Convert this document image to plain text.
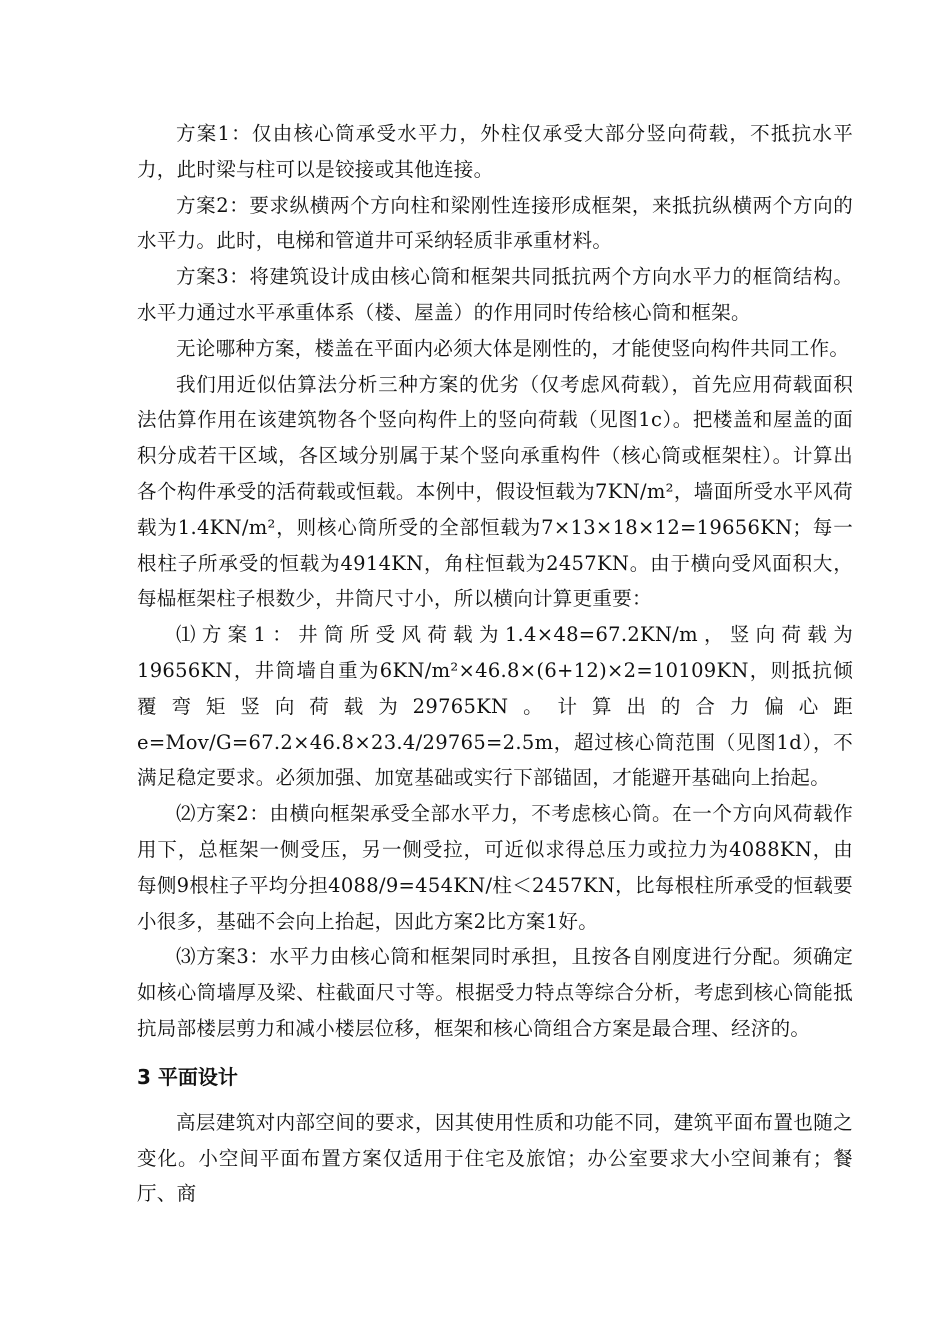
方案1：仅由核心筒承受水平力，外柱仅承受大部分竖向荷载，不抵抗水平力，此时梁与柱可以是铰接或其他连接。

方案2：要求纵横两个方向柱和梁刚性连接形成框架，来抵抗纵横两个方向的水平力。此时，电梯和管道井可采纳轻质非承重材料。

方案3：将建筑设计成由核心筒和框架共同抵抗两个方向水平力的框筒结构。水平力通过水平承重体系（楼、屋盖）的作用同时传给核心筒和框架。

无论哪种方案，楼盖在平面内必须大体是刚性的，才能使竖向构件共同工作。

我们用近似估算法分析三种方案的优劣（仅考虑风荷载），首先应用荷载面积法估算作用在该建筑物各个竖向构件上的竖向荷载（见图1c）。把楼盖和屋盖的面积分成若干区域，各区域分别属于某个竖向承重构件（核心筒或框架柱）。计算出各个构件承受的活荷载或恒载。本例中，假设恒载为7KN/m²，墙面所受水平风荷载为1.4KN/m²，则核心筒所受的全部恒载为7×13×18×12=19656KN；每一根柱子所承受的恒载为4914KN，角柱恒载为2457KN。由于横向受风面积大，每榀框架柱子根数少，井筒尺寸小，所以横向计算更重要：

⑴方案1：井筒所受风荷载为1.4×48=67.2KN/m，竖向荷载为19656KN，井筒墙自重为6KN/m²×46.8×(6+12)×2=10109KN，则抵抗倾覆弯矩竖向荷载为29765KN。计算出的合力偏心距e=Mov/G=67.2×46.8×23.4/29765=2.5m，超过核心筒范围（见图1d），不满足稳定要求。必须加强、加宽基础或实行下部锚固，才能避开基础向上抬起。

⑵方案2：由横向框架承受全部水平力，不考虑核心筒。在一个方向风荷载作用下，总框架一侧受压，另一侧受拉，可近似求得总压力或拉力为4088KN，由每侧9根柱子平均分担4088/9=454KN/柱＜2457KN，比每根柱所承受的恒载要小很多，基础不会向上抬起，因此方案2比方案1好。

⑶方案3：水平力由核心筒和框架同时承担，且按各自刚度进行分配。须确定如核心筒墙厚及梁、柱截面尺寸等。根据受力特点等综合分析，考虑到核心筒能抵抗局部楼层剪力和减小楼层位移，框架和核心筒组合方案是最合理、经济的。

3 平面设计

高层建筑对内部空间的要求，因其使用性质和功能不同，建筑平面布置也随之变化。小空间平面布置方案仅适用于住宅及旅馆；办公室要求大小空间兼有；餐厅、商
